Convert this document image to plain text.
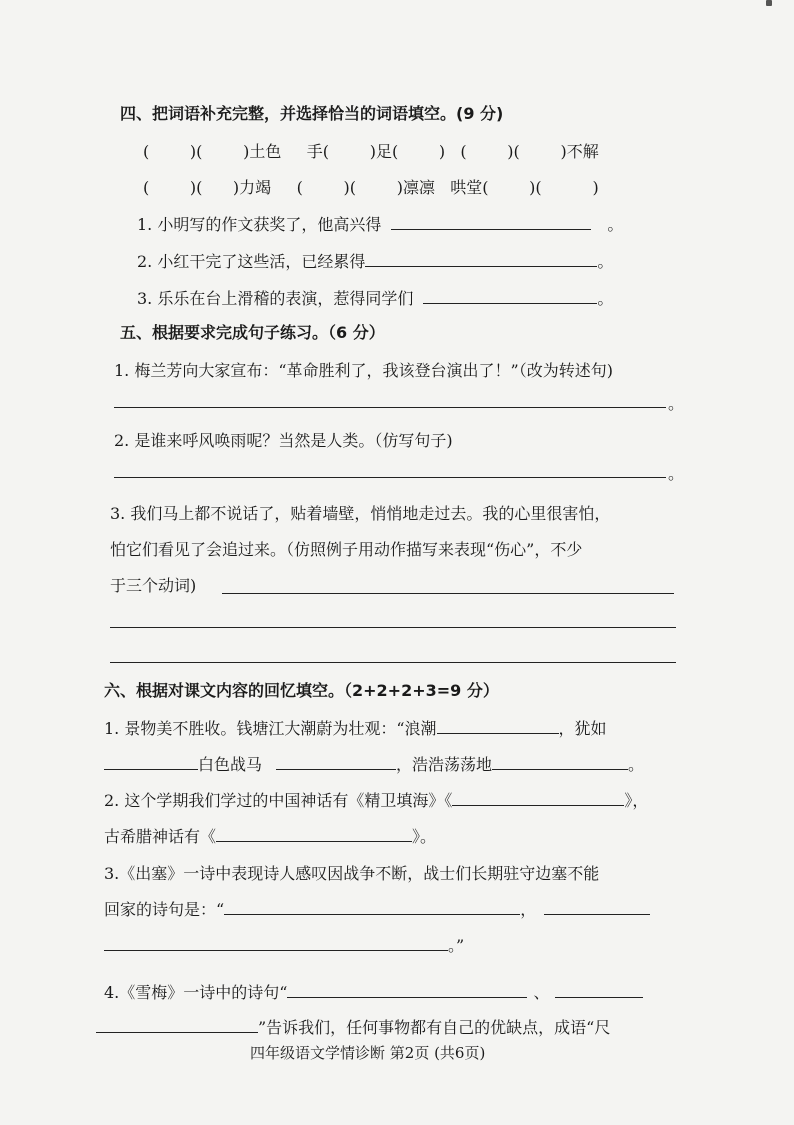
四、把词语补充完整，并选择恰当的词语填空。(9 分)
(        )(        )土色     手(        )足(        )   (        )(        )不解
(        )(      )力竭     (        )(        )凛凛   哄堂(        )(          )
1. 小明写的作文获奖了，他高兴得	。
2. 小红干完了这些活，已经累得	。
3. 乐乐在台上滑稽的表演，惹得同学们	。
五、根据要求完成句子练习。（6 分）
1. 梅兰芳向大家宣布：“革命胜利了，我该登台演出了！”（改为转述句)
。
2. 是谁来呼风唤雨呢？当然是人类。（仿写句子)
。
3. 我们马上都不说话了，贴着墙壁，悄悄地走过去。我的心里很害怕，
怕它们看见了会追过来。（仿照例子用动作描写来表现“伤心”，不少
于三个动词)
六、根据对课文内容的回忆填空。（2+2+2+3=9 分）
1. 景物美不胜收。钱塘江大潮蔚为壮观：“浪潮	，犹如
白色战马	，浩浩荡荡地	。
2. 这个学期我们学过的中国神话有《精卫填海》《	》，
古希腊神话有《	》。
3.《出塞》一诗中表现诗人感叹因战争不断，战士们长期驻守边塞不能
回家的诗句是：“	，
。”
4.《雪梅》一诗中的诗句“	、
”告诉我们，任何事物都有自己的优缺点，成语“尺
四年级语文学情诊断 第2页 (共6页)
